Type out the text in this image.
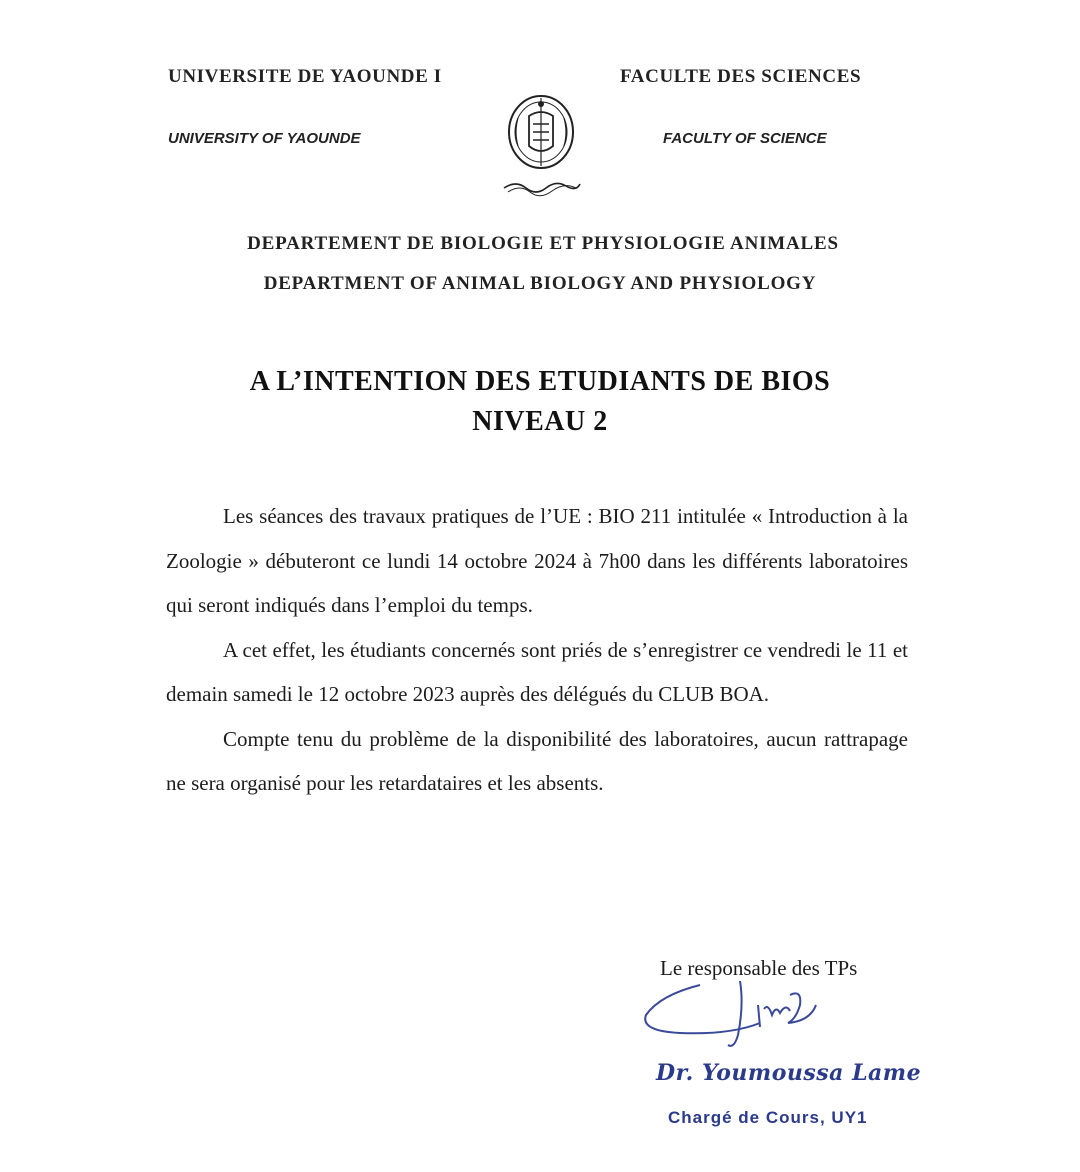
UNIVERSITE DE YAOUNDE I
UNIVERSITY OF YAOUNDE
FACULTE DES SCIENCES
FACULTY OF SCIENCE
DEPARTEMENT DE BIOLOGIE ET PHYSIOLOGIE ANIMALES
DEPARTMENT OF ANIMAL BIOLOGY AND PHYSIOLOGY
A L’INTENTION DES ETUDIANTS DE BIOS
NIVEAU 2

Les séances des travaux pratiques de l’UE : BIO 211 intitulée « Introduction à la Zoologie » débuteront ce lundi 14 octobre 2024 à 7h00 dans les différents laboratoires qui seront indiqués dans l’emploi du temps.

A cet effet, les étudiants concernés sont priés de s’enregistrer ce vendredi le 11 et demain samedi le 12 octobre 2023 auprès des délégués du CLUB BOA.

Compte tenu du problème de la disponibilité des laboratoires, aucun rattrapage ne sera organisé pour les retardataires et les absents.

Le responsable des TPs
Dr. Youmoussa Lame
Chargé de Cours, UY1
